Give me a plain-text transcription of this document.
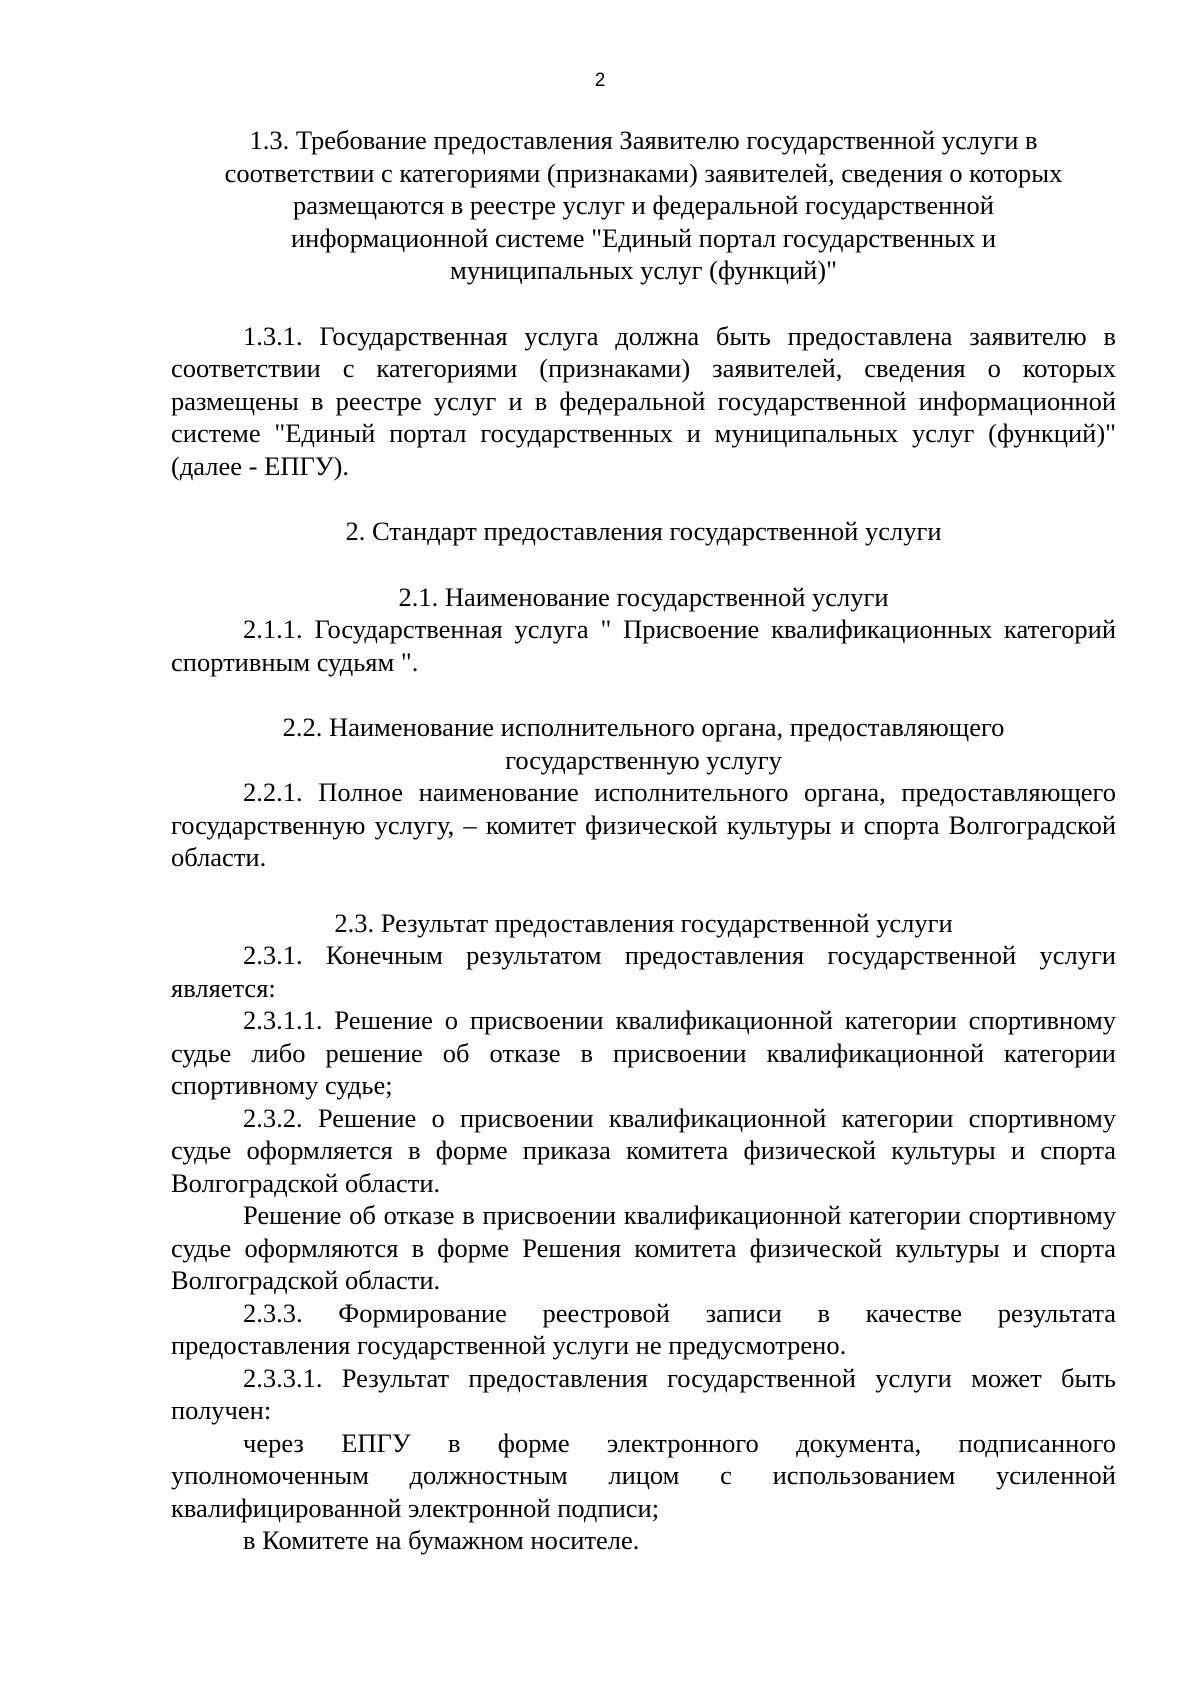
2
1.3. Требование предоставления Заявителю государственной услуги в
соответствии с категориями (признаками) заявителей, сведения о которых
размещаются в реестре услуг и федеральной государственной
информационной системе "Единый портал государственных и
муниципальных услуг (функций)"

1.3.1. Государственная услуга должна быть предоставлена заявителю в соответствии с категориями (признаками) заявителей, сведения о которых размещены в реестре услуг и в федеральной государственной информационной системе "Единый портал государственных и муниципальных услуг (функций)" (далее - ЕПГУ).

2. Стандарт предоставления государственной услуги
2.1. Наименование государственной услуги

2.1.1. Государственная услуга " Присвоение квалификационных категорий спортивным судьям ".

2.2. Наименование исполнительного органа, предоставляющего
государственную услугу

2.2.1. Полное наименование исполнительного органа, предоставляющего государственную услугу, – комитет физической культуры и спорта Волгоградской области.

2.3. Результат предоставления государственной услуги

2.3.1. Конечным результатом предоставления государственной услуги является:

2.3.1.1. Решение о присвоении квалификационной категории спортивному судье либо решение об отказе в присвоении квалификационной категории спортивному судье;

2.3.2. Решение о присвоении квалификационной категории спортивному судье оформляется в форме приказа комитета физической культуры и спорта Волгоградской области.

Решение об отказе в присвоении квалификационной категории спортивному судье оформляются в форме Решения комитета физической культуры и спорта Волгоградской области.

2.3.3. Формирование реестровой записи в качестве результата предоставления государственной услуги не предусмотрено.

2.3.3.1. Результат предоставления государственной услуги может быть получен:

через ЕПГУ в форме электронного документа, подписанного уполномоченным должностным лицом с использованием усиленной квалифицированной электронной подписи;

в Комитете на бумажном носителе.
